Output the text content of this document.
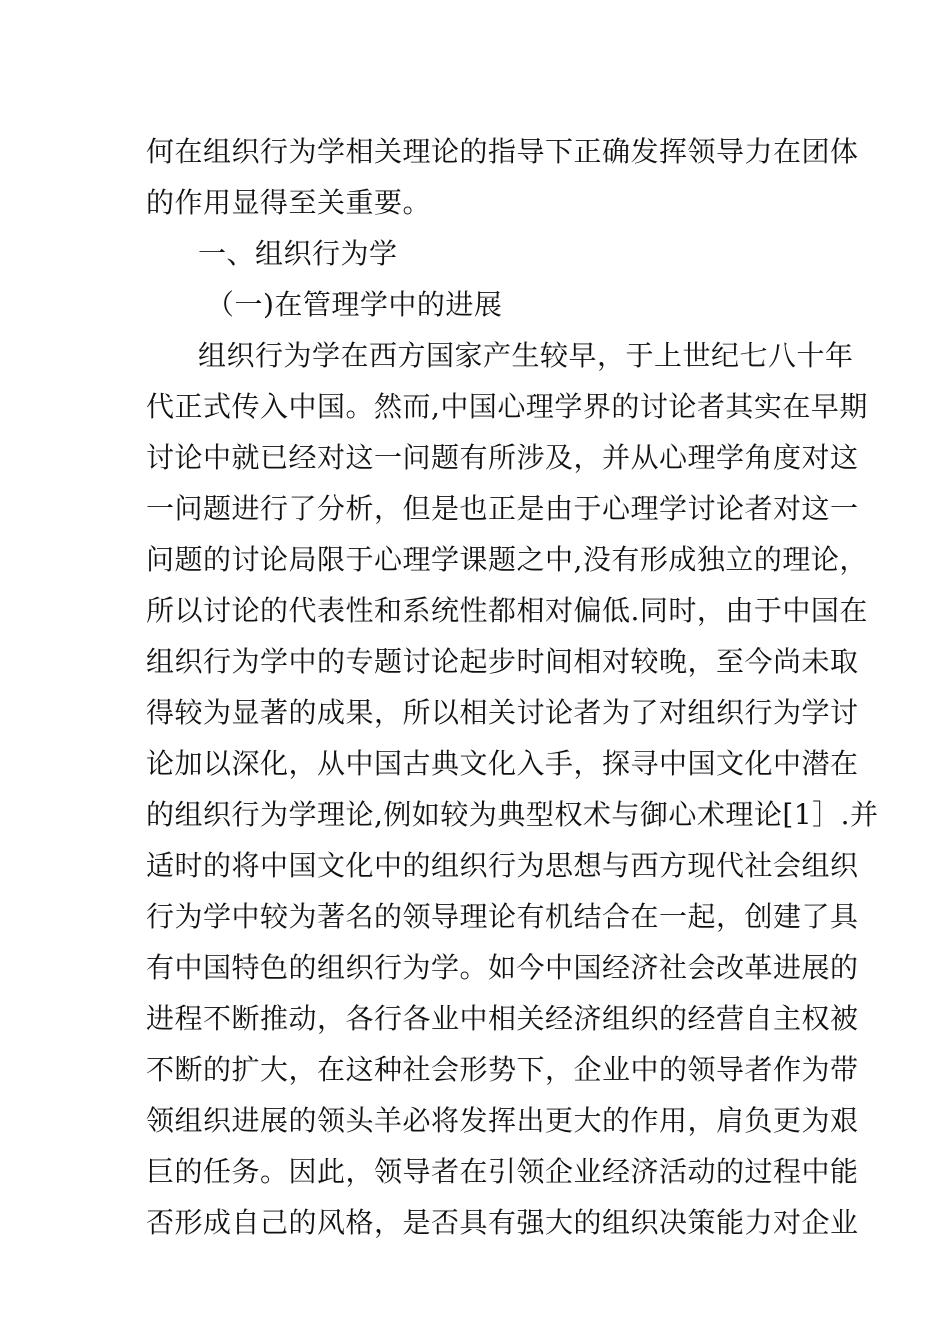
何在组织行为学相关理论的指导下正确发挥领导力在团体
的作用显得至关重要。
一、组织行为学
（一)在管理学中的进展
组织行为学在西方国家产生较早，于上世纪七八十年
代正式传入中国。然而,中国心理学界的讨论者其实在早期
讨论中就已经对这一问题有所涉及，并从心理学角度对这
一问题进行了分析，但是也正是由于心理学讨论者对这一
问题的讨论局限于心理学课题之中,没有形成独立的理论，
所以讨论的代表性和系统性都相对偏低.同时，由于中国在
组织行为学中的专题讨论起步时间相对较晚，至今尚未取
得较为显著的成果，所以相关讨论者为了对组织行为学讨
论加以深化，从中国古典文化入手，探寻中国文化中潜在
的组织行为学理论,例如较为典型权术与御心术理论[1］.并
适时的将中国文化中的组织行为思想与西方现代社会组织
行为学中较为著名的领导理论有机结合在一起，创建了具
有中国特色的组织行为学。如今中国经济社会改革进展的
进程不断推动，各行各业中相关经济组织的经营自主权被
不断的扩大，在这种社会形势下，企业中的领导者作为带
领组织进展的领头羊必将发挥出更大的作用，肩负更为艰
巨的任务。因此，领导者在引领企业经济活动的过程中能
否形成自己的风格，是否具有强大的组织决策能力对企业
